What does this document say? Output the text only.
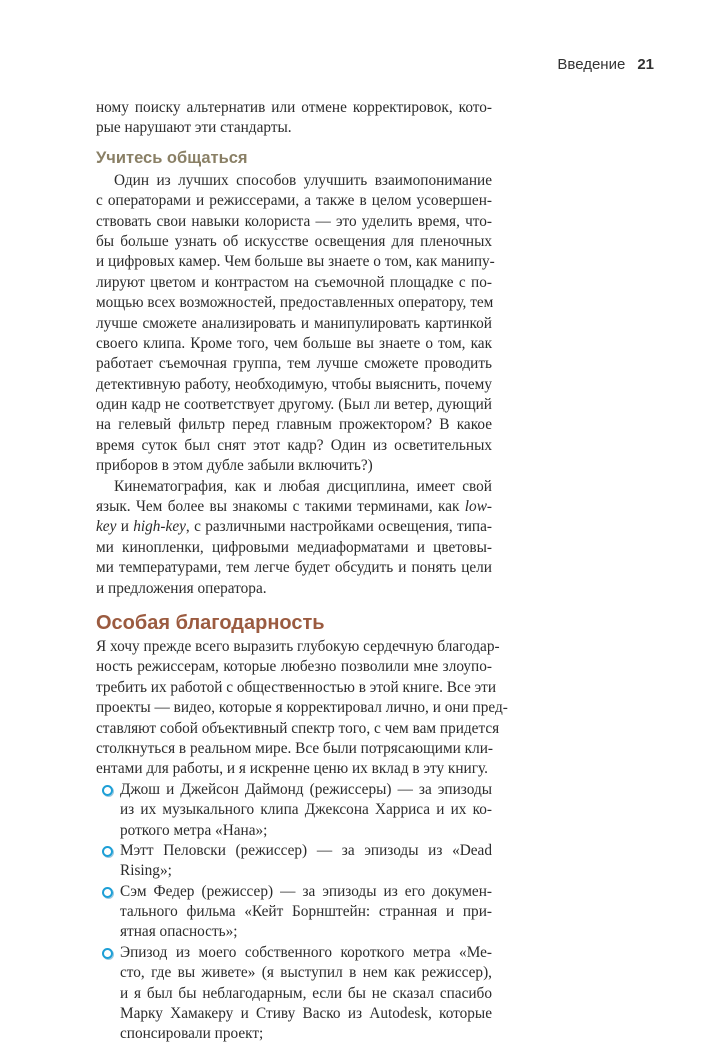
Введение 21
ному поиску альтернатив или отмене корректировок, кото-
рые нарушают эти стандарты.
Учитесь общаться
Один из лучших способов улучшить взаимопонимание
с операторами и режиссерами, а также в целом усовершен-
ствовать свои навыки колориста — это уделить время, что-
бы больше узнать об искусстве освещения для пленочных
и цифровых камер. Чем больше вы знаете о том, как манипу-
лируют цветом и контрастом на съемочной площадке с по-
мощью всех возможностей, предоставленных оператору, тем
лучше сможете анализировать и манипулировать картинкой
своего клипа. Кроме того, чем больше вы знаете о том, как
работает съемочная группа, тем лучше сможете проводить
детективную работу, необходимую, чтобы выяснить, почему
один кадр не соответствует другому. (Был ли ветер, дующий
на гелевый фильтр перед главным прожектором? В какое
время суток был снят этот кадр? Один из осветительных
приборов в этом дубле забыли включить?)
Кинематография, как и любая дисциплина, имеет свой
язык. Чем более вы знакомы с такими терминами, как low-
key и high-key, с различными настройками освещения, типа-
ми кинопленки, цифровыми медиаформатами и цветовы-
ми температурами, тем легче будет обсудить и понять цели
и предложения оператора.
Особая благодарность
Я хочу прежде всего выразить глубокую сердечную благодар-
ность режиссерам, которые любезно позволили мне злоупо-
требить их работой с общественностью в этой книге. Все эти
проекты — видео, которые я корректировал лично, и они пред-
ставляют собой объективный спектр того, с чем вам придется
столкнуться в реальном мире. Все были потрясающими кли-
ентами для работы, и я искренне ценю их вклад в эту книгу.
Джош и Джейсон Даймонд (режиссеры) — за эпизоды
из их музыкального клипа Джексона Харриса и их ко-
роткого метра «Нана»;
Мэтт Пеловски (режиссер) — за эпизоды из «Dead
Rising»;
Сэм Федер (режиссер) — за эпизоды из его докумен-
тального фильма «Кейт Борнштейн: странная и при-
ятная опасность»;
Эпизод из моего собственного короткого метра «Ме-
сто, где вы живете» (я выступил в нем как режиссер),
и я был бы неблагодарным, если бы не сказал спасибо
Марку Хамакеру и Стиву Васко из Autodesk, которые
спонсировали проект;
